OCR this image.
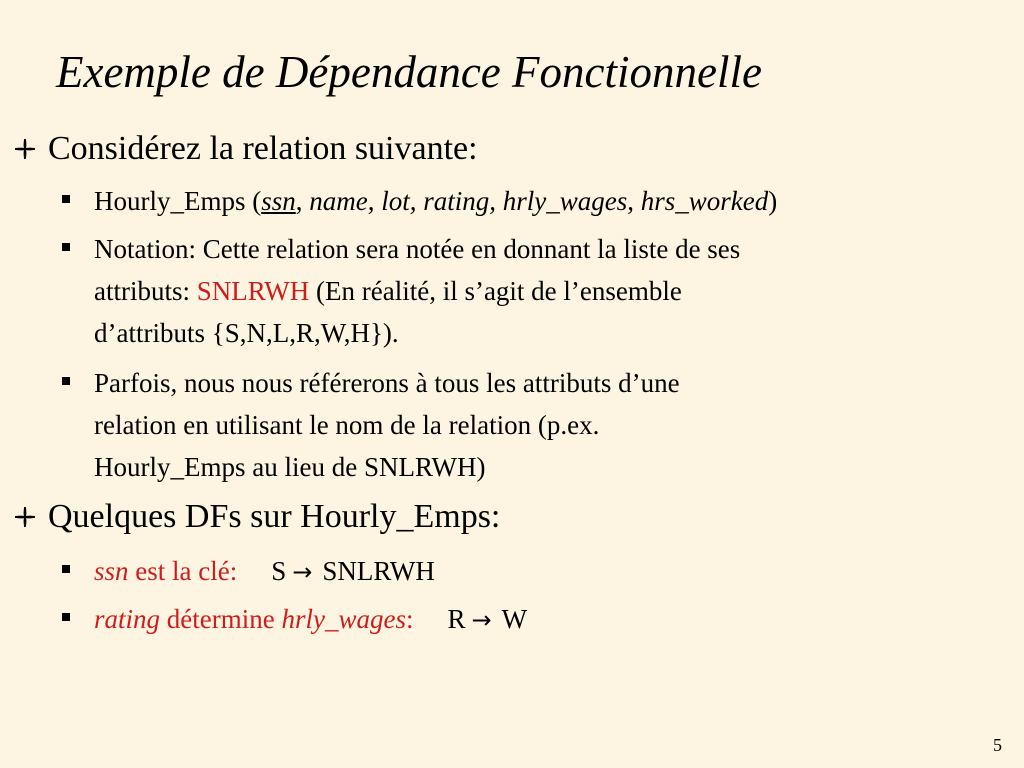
Exemple de Dépendance Fonctionnelle
Considérez la relation suivante:
Hourly_Emps (ssn, name, lot, rating, hrly_wages, hrs_worked)
Notation: Cette relation sera notée en donnant la liste de ses
attributs: SNLRWH (En réalité, il s’agit de l’ensemble
d’attributs {S,N,L,R,W,H}).
Parfois, nous nous référerons à tous les attributs d’une
relation en utilisant le nom de la relation (p.ex.
Hourly_Emps au lieu de SNLRWH)
Quelques DFs sur Hourly_Emps:
ssn est la clé: S → SNLRWH
rating détermine hrly_wages: R → W
5
